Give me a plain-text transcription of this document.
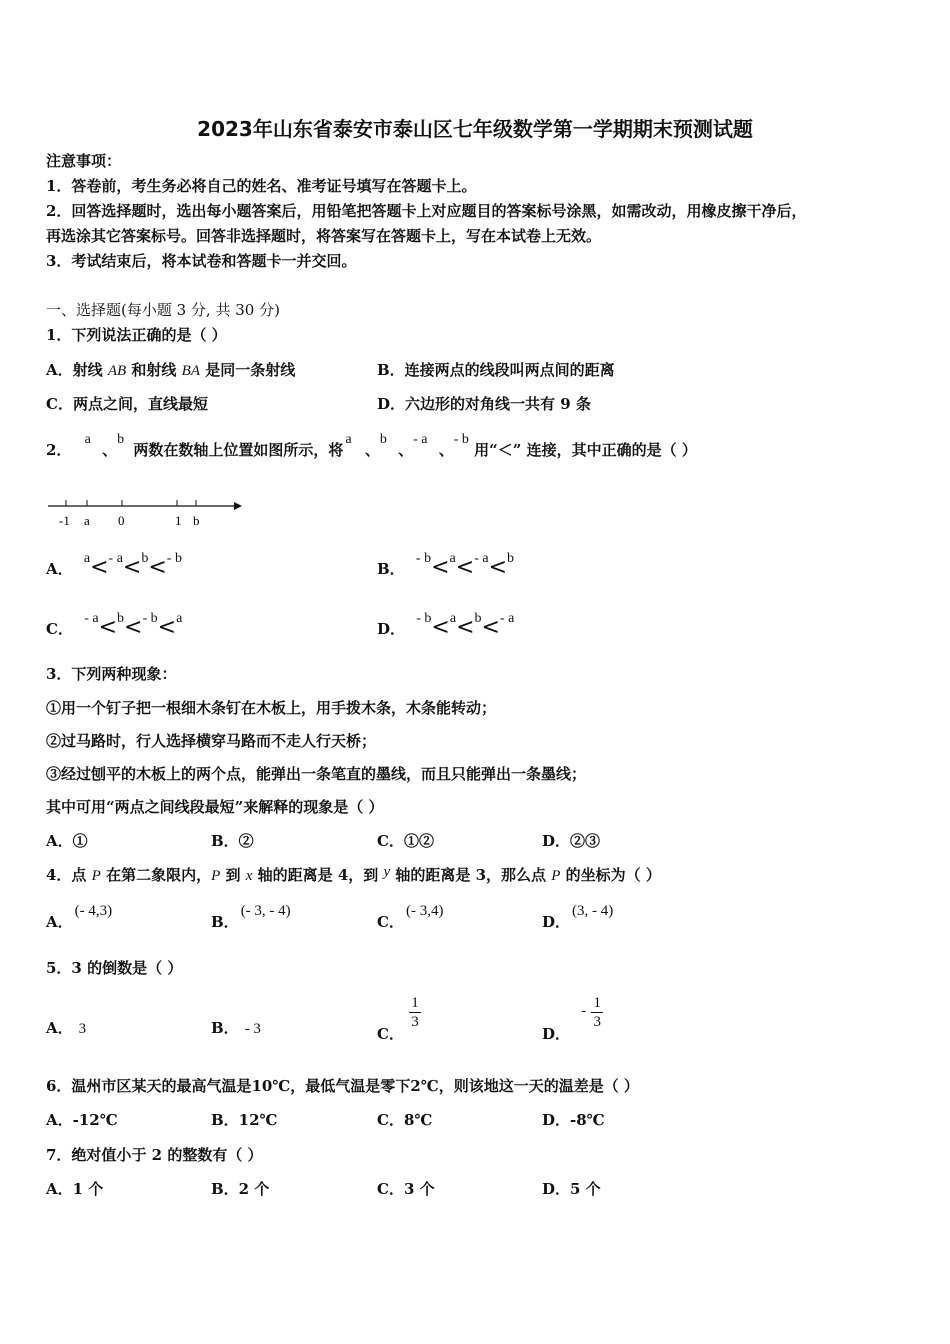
2023年山东省泰安市泰山区七年级数学第一学期期末预测试题
注意事项：
1．答卷前，考生务必将自己的姓名、准考证号填写在答题卡上。
2．回答选择题时，选出每小题答案后，用铅笔把答题卡上对应题目的答案标号涂黑，如需改动，用橡皮擦干净后，
再选涂其它答案标号。回答非选择题时，将答案写在答题卡上，写在本试卷上无效。
3．考试结束后，将本试卷和答题卡一并交回。
一、选择题(每小题 3 分, 共 30 分)
1．下列说法正确的是（ ）
A．射线 AB 和射线 BA 是同一条射线	B．连接两点的线段叫两点间的距离
C．两点之间，直线最短	D．六边形的对角线一共有 9 条
2． a 、b 两数在数轴上位置如图所示，将a 、b 、- a 、- b 用“＜” 连接，其中正确的是（ ）
-1 a 0	1 b
A． a<- a<b<- b
B． - b<a<- a<b
C． - a<b<- b<a
D． - b<a<b<- a
3．下列两种现象：
①用一个钉子把一根细木条钉在木板上，用手拨木条，木条能转动；
②过马路时，行人选择横穿马路而不走人行天桥；
③经过刨平的木板上的两个点，能弹出一条笔直的墨线，而且只能弹出一条墨线；
其中可用“两点之间线段最短”来解释的现象是（ ）
A．①	B．②	C．①②	D．②③
4．点 P 在第二象限内，P 到 x 轴的距离是 4，到 y 轴的距离是 3，那么点 P 的坐标为（ ）
A．(- 4,3)
B．(- 3, - 4)
C．(- 3,4)
D．(3, - 4)
5．3 的倒数是（ ）
A． 3	B． - 3	C．
$\frac{1}{3}$
D． - $\frac{1}{3}$
6．温州市区某天的最高气温是10℃，最低气温是零下2℃，则该地这一天的温差是（ ）
A．-12℃	B．12℃	C．8℃	D．-8℃
7．绝对值小于 2 的整数有（ ）
A．1 个	B．2 个	C．3 个	D．5 个
